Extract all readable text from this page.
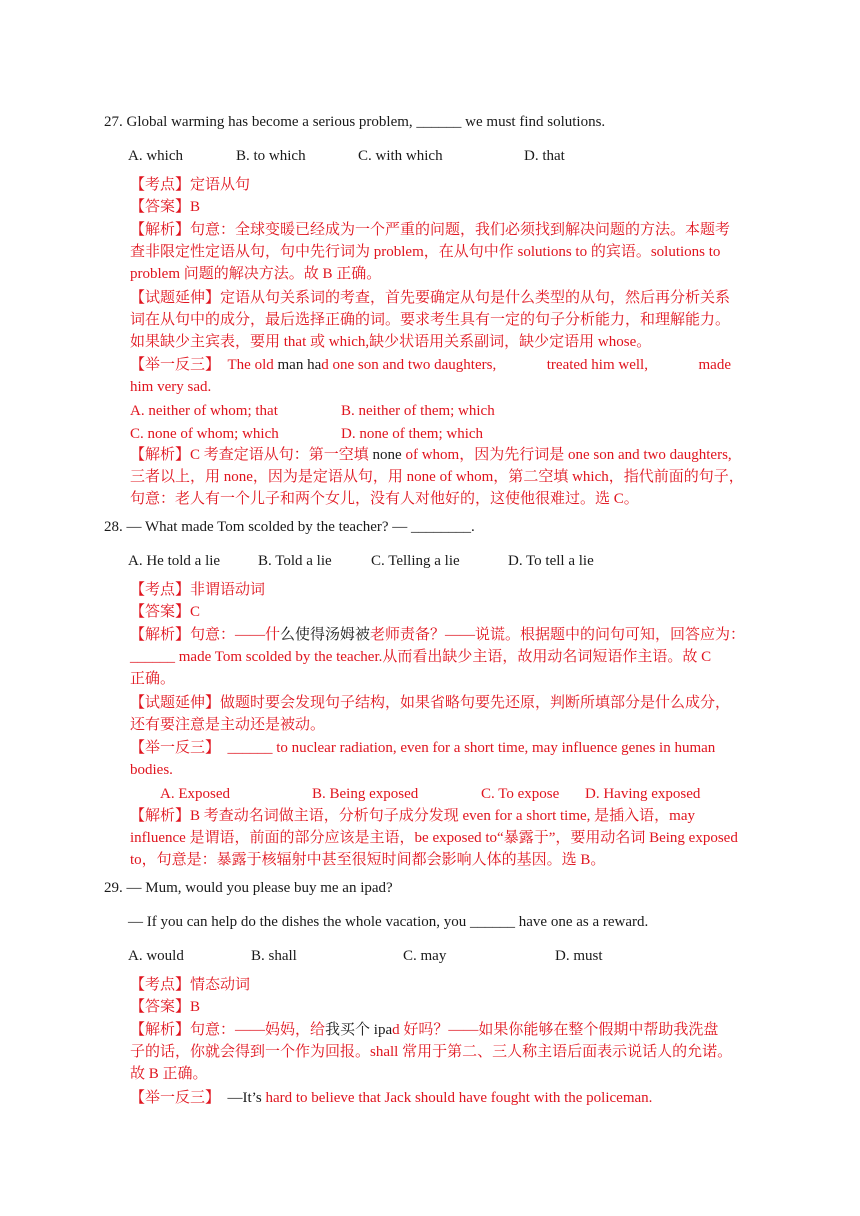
27. Global warming has become a serious problem, ______ we must find solutions.
A. which	B. to which	C. with which	D. that
【考点】定语从句
【答案】B
【解析】句意：全球变暖已经成为一个严重的问题，我们必须找到解决问题的方法。本题考
查非限定性定语从句，句中先行词为 problem，在从句中作 solutions to 的宾语。solutions to
problem 问题的解决方法。故 B 正确。
【试题延伸】定语从句关系词的考查，首先要确定从句是什么类型的从句，然后再分析关系
词在从句中的成分，最后选择正确的词。要求考生具有一定的句子分析能力，和理解能力。
如果缺少主宾表，要用 that 或 which, 缺少状语用关系副词，缺少定语用 whose。
【举一反三】 The old man had one son and two daughters,	treated him well,	made
him very sad.
A. neither of whom; that	B. neither of them; which
C. none of whom; which	D. none of them; which
【解析】C 考查定语从句：第一空填 none of whom，因为先行词是 one son and two daughters,
三者以上，用 none，因为是定语从句，用 none of whom，第二空填 which，指代前面的句子，
句意：老人有一个儿子和两个女儿，没有人对他好的，这使他很难过。选 C。
28. — What made Tom scolded by the teacher? — ________.
A. He told a lie	B. Told a lie	C. Telling a lie	D. To tell a lie
【考点】非谓语动词
【答案】C
【解析】句意：——什么使得汤姆被老师责备？——说谎。根据题中的问句可知，回答应为：
______ made Tom scolded by the teacher.从而看出缺少主语，故用动名词短语作主语。故 C
正确。
【试题延伸】做题时要会发现句子结构，如果省略句要先还原，判断所填部分是什么成分，
还有要注意是主动还是被动。
【举一反三】 ______ to nuclear radiation, even for a short time, may influence genes in human
bodies.
A. Exposed	B. Being exposed	C. To expose D. Having exposed
【解析】B 考查动名词做主语，分析句子成分发现 even for a short time, 是插入语，may
influence 是谓语，前面的部分应该是主语，be exposed to“暴露于”，要用动名词 Being exposed
to，句意是：暴露于核辐射中甚至很短时间都会影响人体的基因。选 B。
29. — Mum, would you please buy me an ipad?
— If you can help do the dishes the whole vacation, you ______ have one as a reward.
A. would	B. shall	C. may	D. must
【考点】情态动词
【答案】B
【解析】句意：——妈妈，给我买个 ipad 好吗？——如果你能够在整个假期中帮助我洗盘
子的话，你就会得到一个作为回报。shall 常用于第二、三人称主语后面表示说话人的允诺。
故 B 正确。
【举一反三】 —It’s hard to believe that Jack should have fought with the policeman.
